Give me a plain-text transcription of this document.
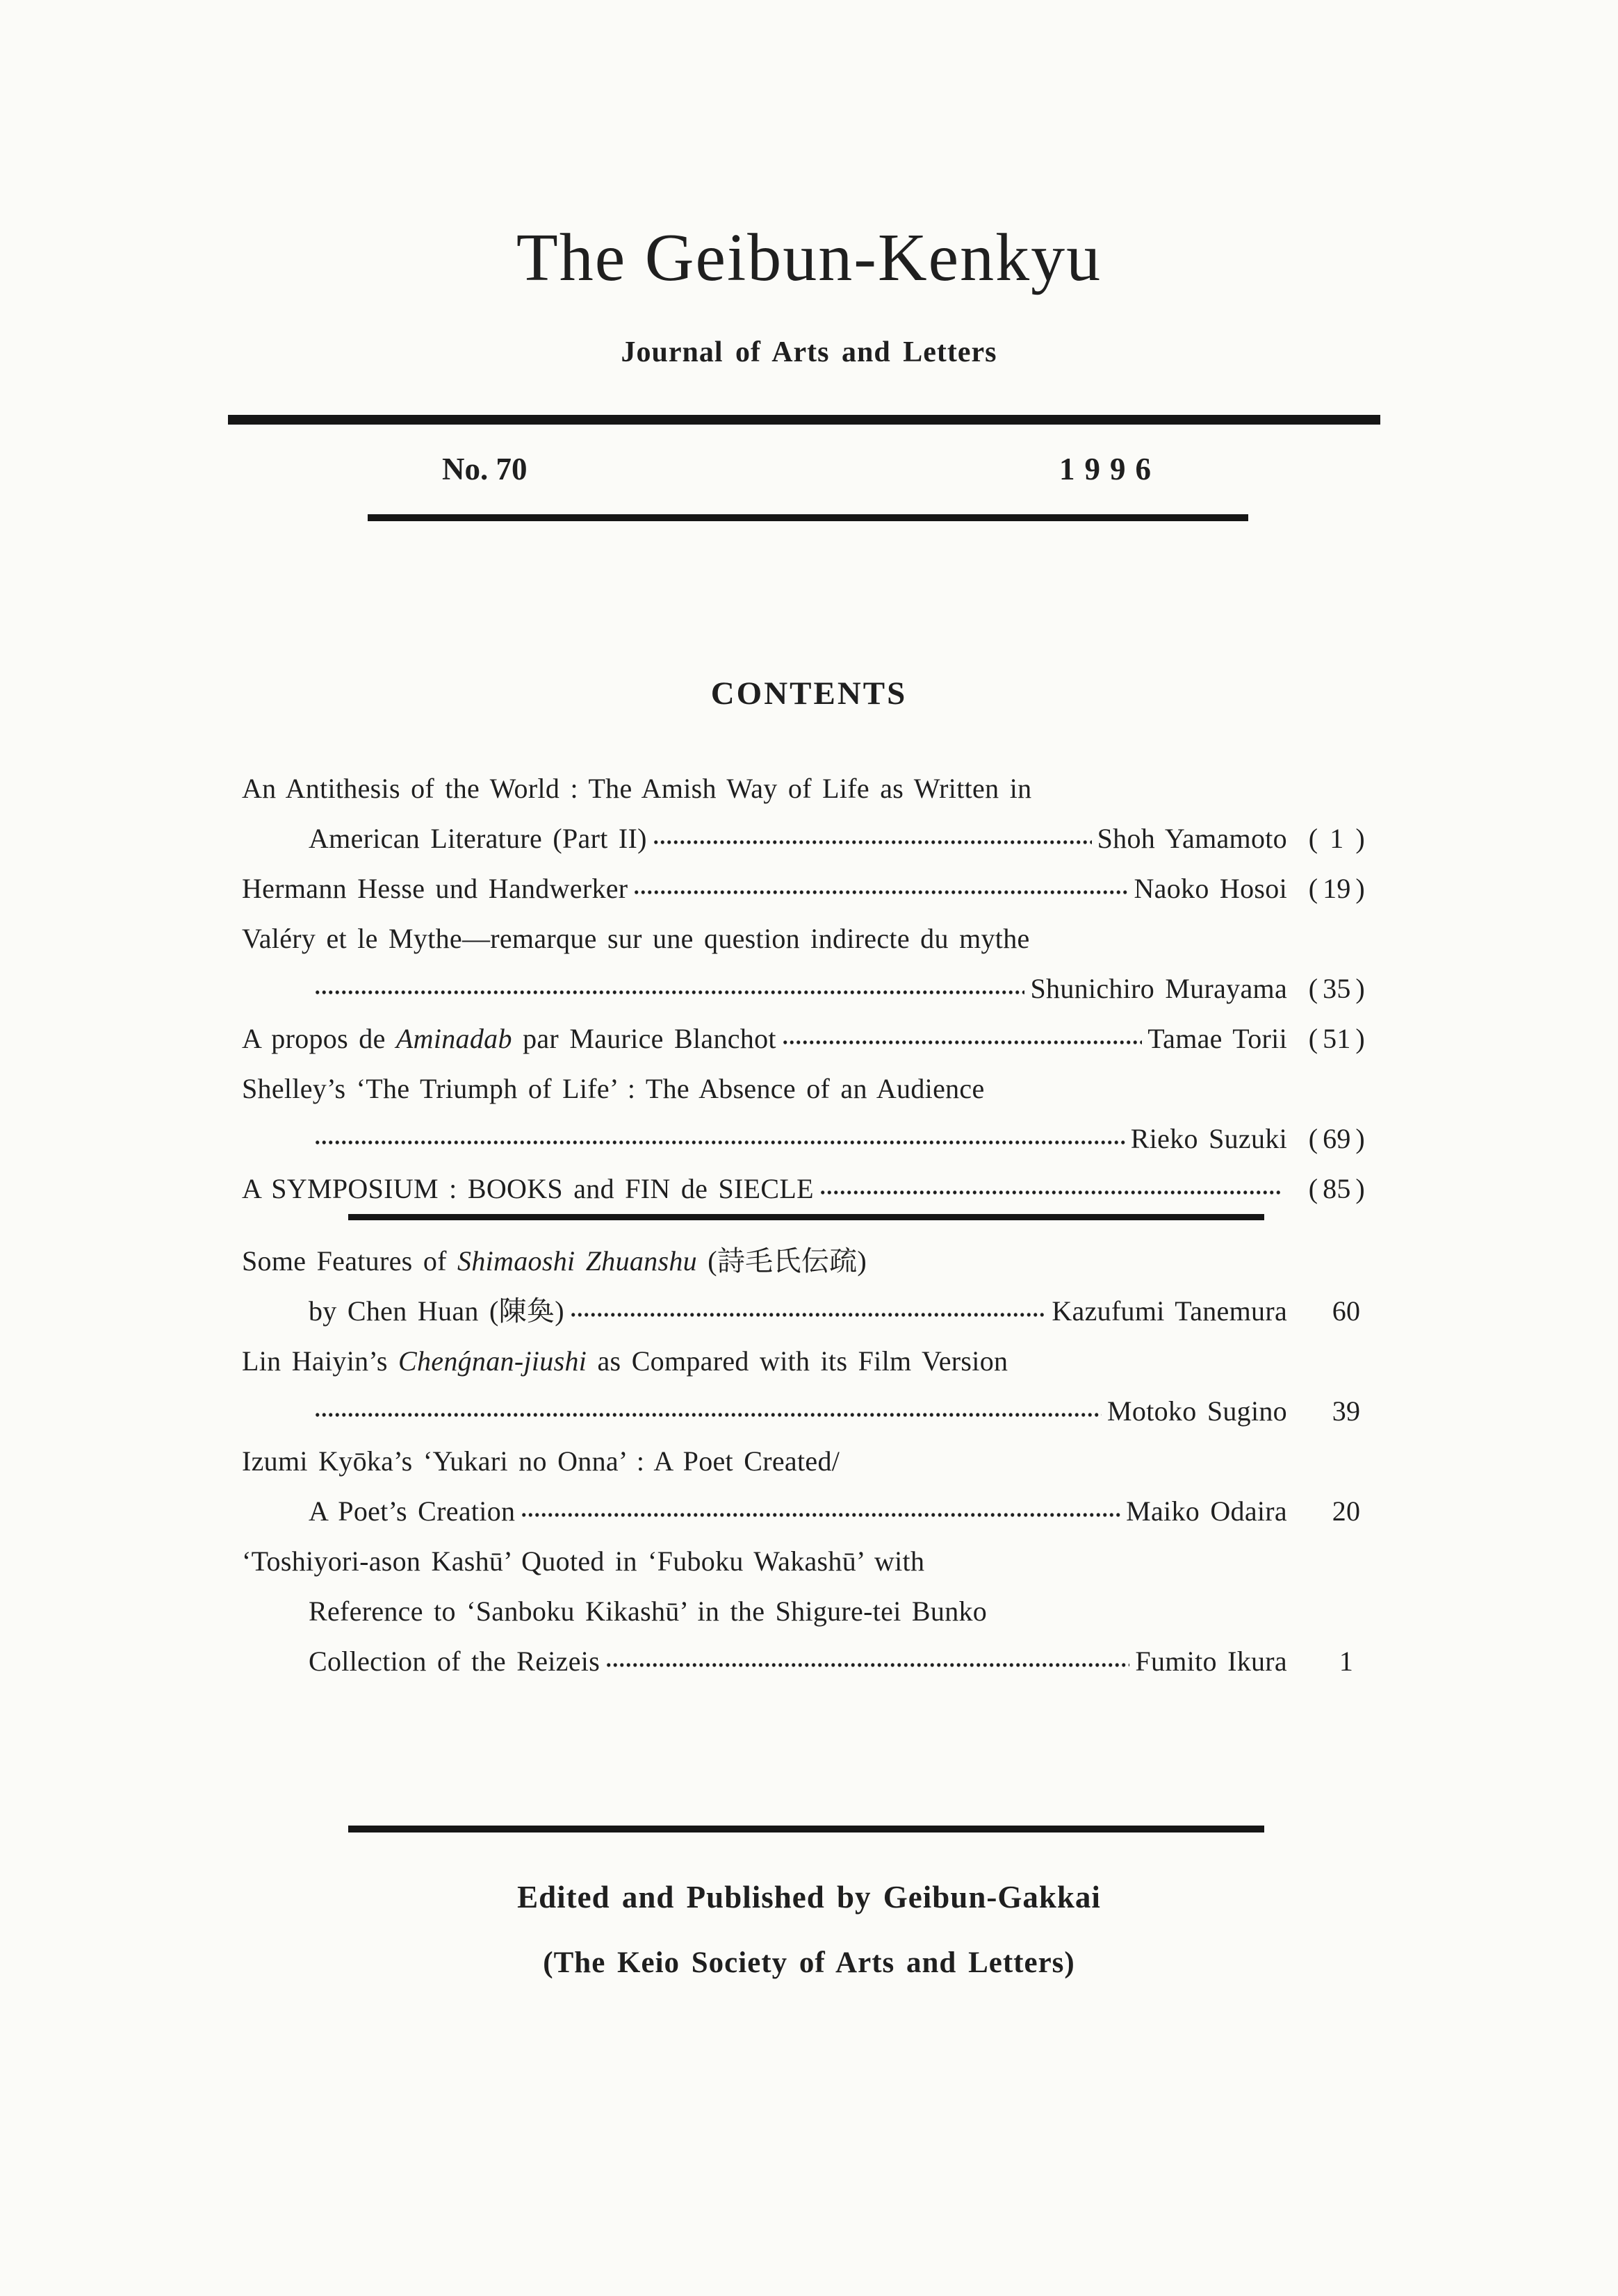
The Geibun-Kenkyu
Journal of Arts and Letters
No. 70	1996
CONTENTS
An Antithesis of the World : The Amish Way of Life as Written in
American Literature (Part II)	Shoh Yamamoto ( 1 )
Hermann Hesse und Handwerker	Naoko Hosoi ( 19 )
Valéry et le Mythe—remarque sur une question indirecte du mythe
Shunichiro Murayama ( 35 )
A propos de Aminadab par Maurice Blanchot	Tamae Torii ( 51 )
Shelley’s ‘The Triumph of Life’ : The Absence of an Audience
Rieko Suzuki ( 69 )
A SYMPOSIUM : BOOKS and FIN de SIECLE	( 85 )
Some Features of Shimaoshi Zhuanshu (詩毛氏伝疏)
by Chen Huan (陳奐)	Kazufumi Tanemura 60
Lin Haiyin’s Chenǵnan-jiushi as Compared with its Film Version
Motoko Sugino 39
Izumi Kyōka’s ‘Yukari no Onna’ : A Poet Created/
A Poet’s Creation	Maiko Odaira 20
‘Toshiyori-ason Kashū’ Quoted in ‘Fuboku Wakashū’ with
Reference to ‘Sanboku Kikashū’ in the Shigure-tei Bunko
Collection of the Reizeis	Fumito Ikura	1
Edited and Published by Geibun-Gakkai
(The Keio Society of Arts and Letters)
